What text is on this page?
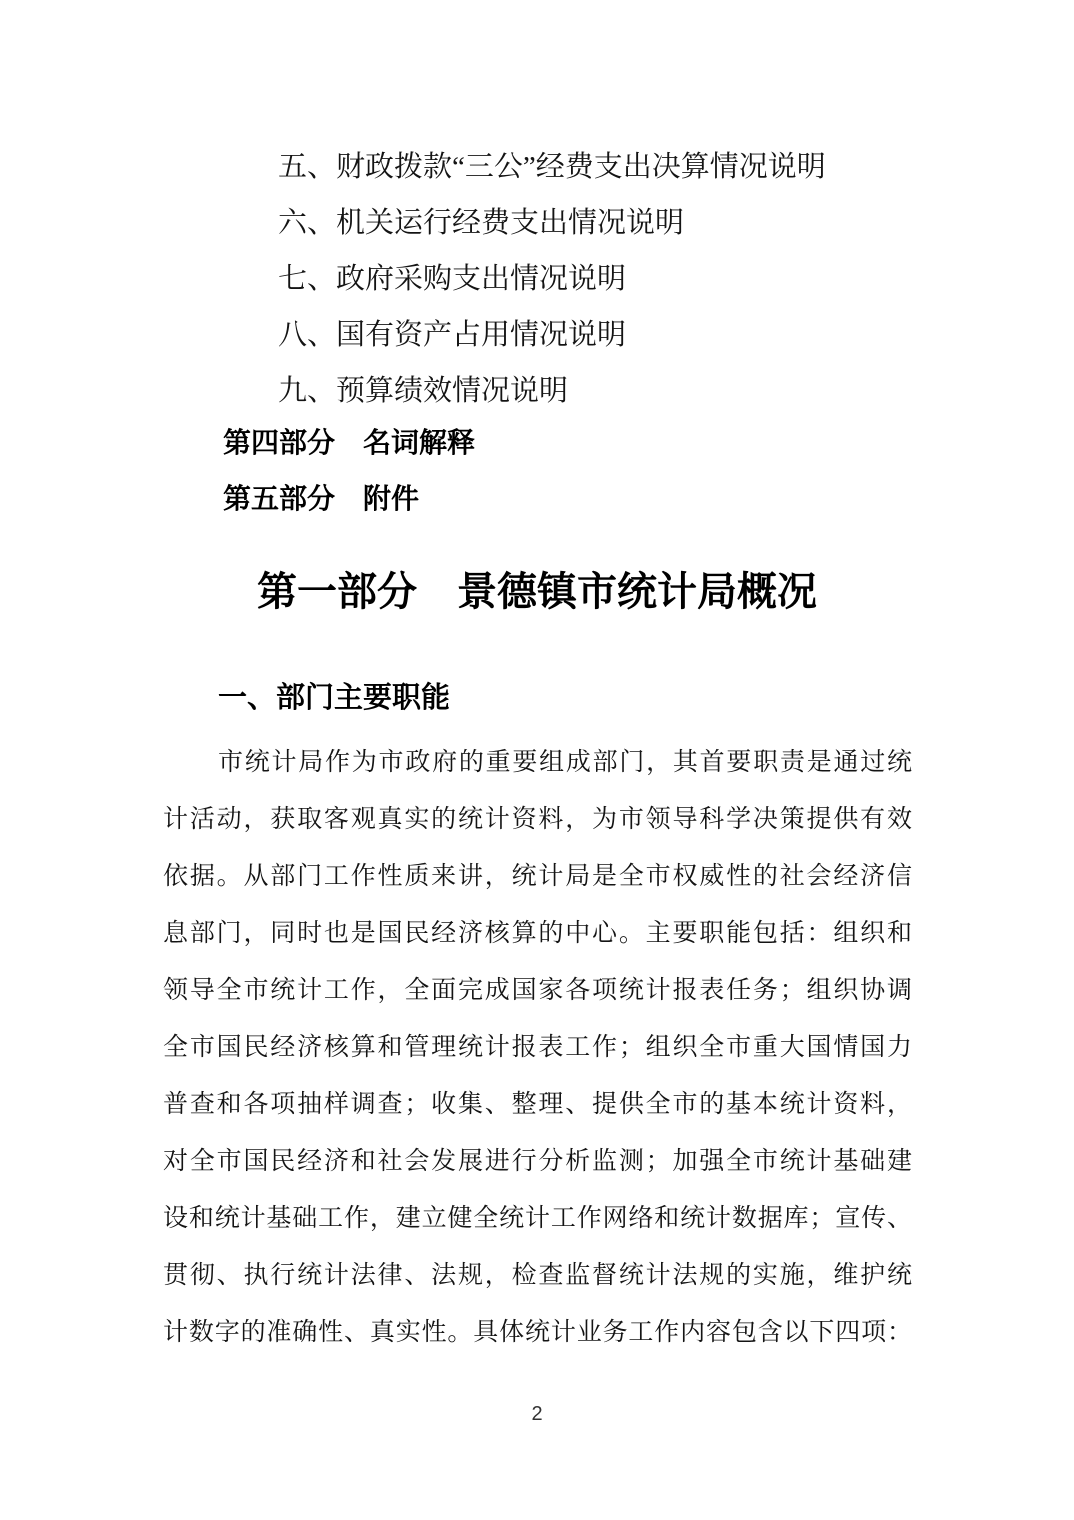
五、财政拨款“三公”经费支出决算情况说明
六、机关运行经费支出情况说明
七、政府采购支出情况说明
八、国有资产占用情况说明
九、预算绩效情况说明
第四部分　名词解释
第五部分　附件
第一部分　景德镇市统计局概况
一、部门主要职能
市统计局作为市政府的重要组成部门，其首要职责是通过统
计活动，获取客观真实的统计资料，为市领导科学决策提供有效
依据。从部门工作性质来讲，统计局是全市权威性的社会经济信
息部门，同时也是国民经济核算的中心。主要职能包括：组织和
领导全市统计工作，全面完成国家各项统计报表任务；组织协调
全市国民经济核算和管理统计报表工作；组织全市重大国情国力
普查和各项抽样调查；收集、整理、提供全市的基本统计资料，
对全市国民经济和社会发展进行分析监测；加强全市统计基础建
设和统计基础工作，建立健全统计工作网络和统计数据库；宣传、
贯彻、执行统计法律、法规，检查监督统计法规的实施，维护统
计数字的准确性、真实性。具体统计业务工作内容包含以下四项：
2
